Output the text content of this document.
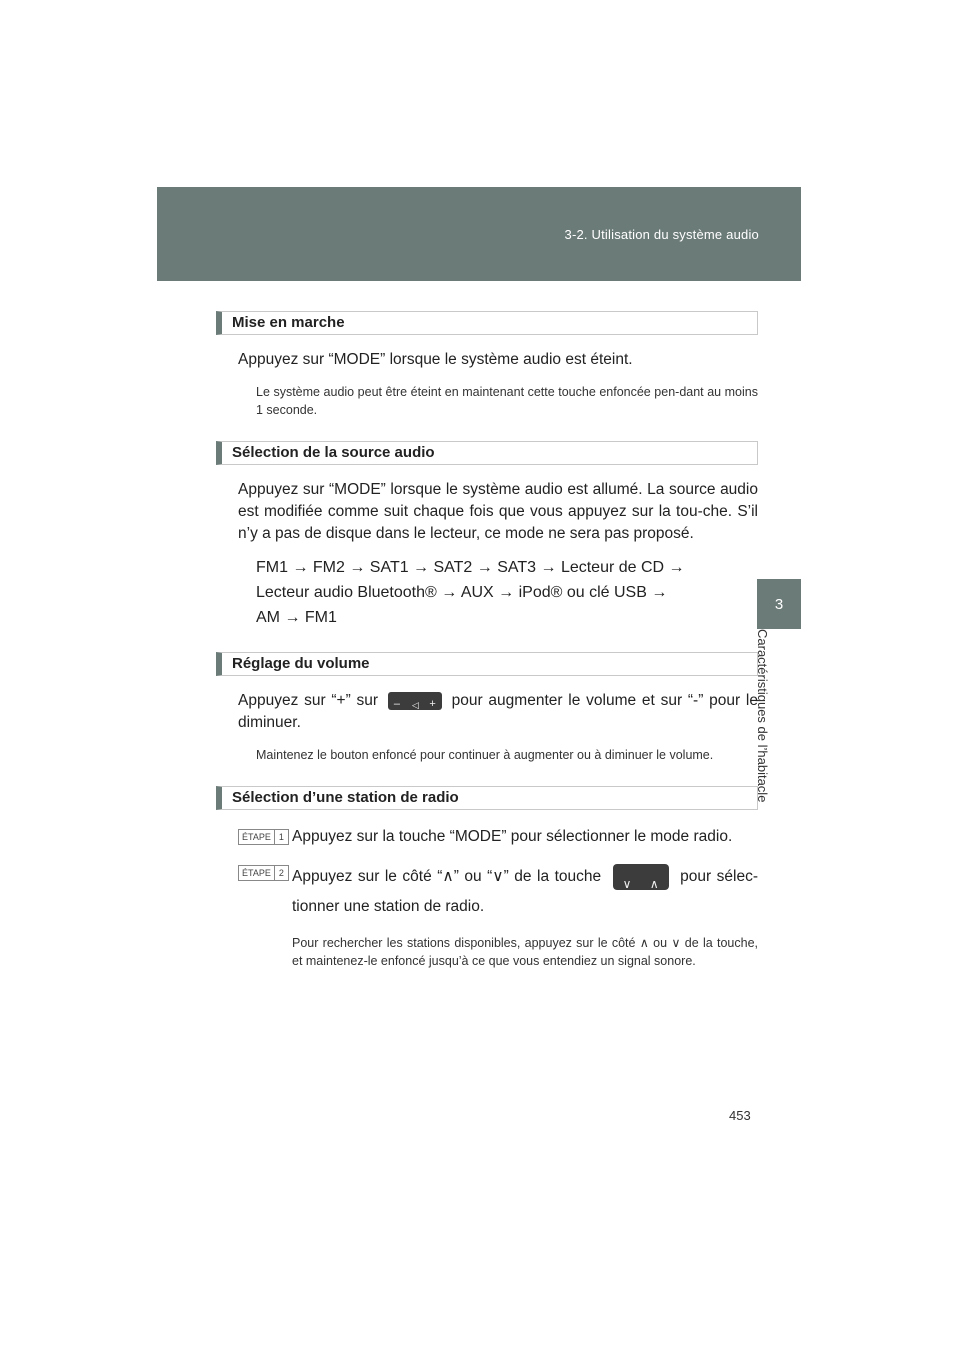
3-2. Utilisation du système audio
3
Caractéristiques de l’habitacle
Mise en marche
Appuyez sur “MODE” lorsque le système audio est éteint.
Le système audio peut être éteint en maintenant cette touche enfoncée pen-dant au moins 1 seconde.
Sélection de la source audio
Appuyez sur “MODE” lorsque le système audio est allumé. La source audio est modifiée comme suit chaque fois que vous appuyez sur la tou-che. S’il n’y a pas de disque dans le lecteur, ce mode ne sera pas proposé.
FM1 → FM2 → SAT1 → SAT2 → SAT3 → Lecteur de CD →
Lecteur audio Bluetooth® → AUX → iPod® ou clé USB →
AM → FM1
Réglage du volume
Appuyez sur “+” sur – ◁ + pour augmenter le volume et sur “-” pour le diminuer.
Maintenez le bouton enfoncé pour continuer à augmenter ou à diminuer le volume.
Sélection d’une station de radio
ÉTAPE 1 Appuyez sur la touche “MODE” pour sélectionner le mode radio.
ÉTAPE 2 Appuyez sur le côté “∧” ou “∨” de la touche ∨ ∧ pour sélec-tionner une station de radio.
Pour rechercher les stations disponibles, appuyez sur le côté ∧ ou ∨ de la touche, et maintenez-le enfoncé jusqu’à ce que vous entendiez un signal sonore.
453
